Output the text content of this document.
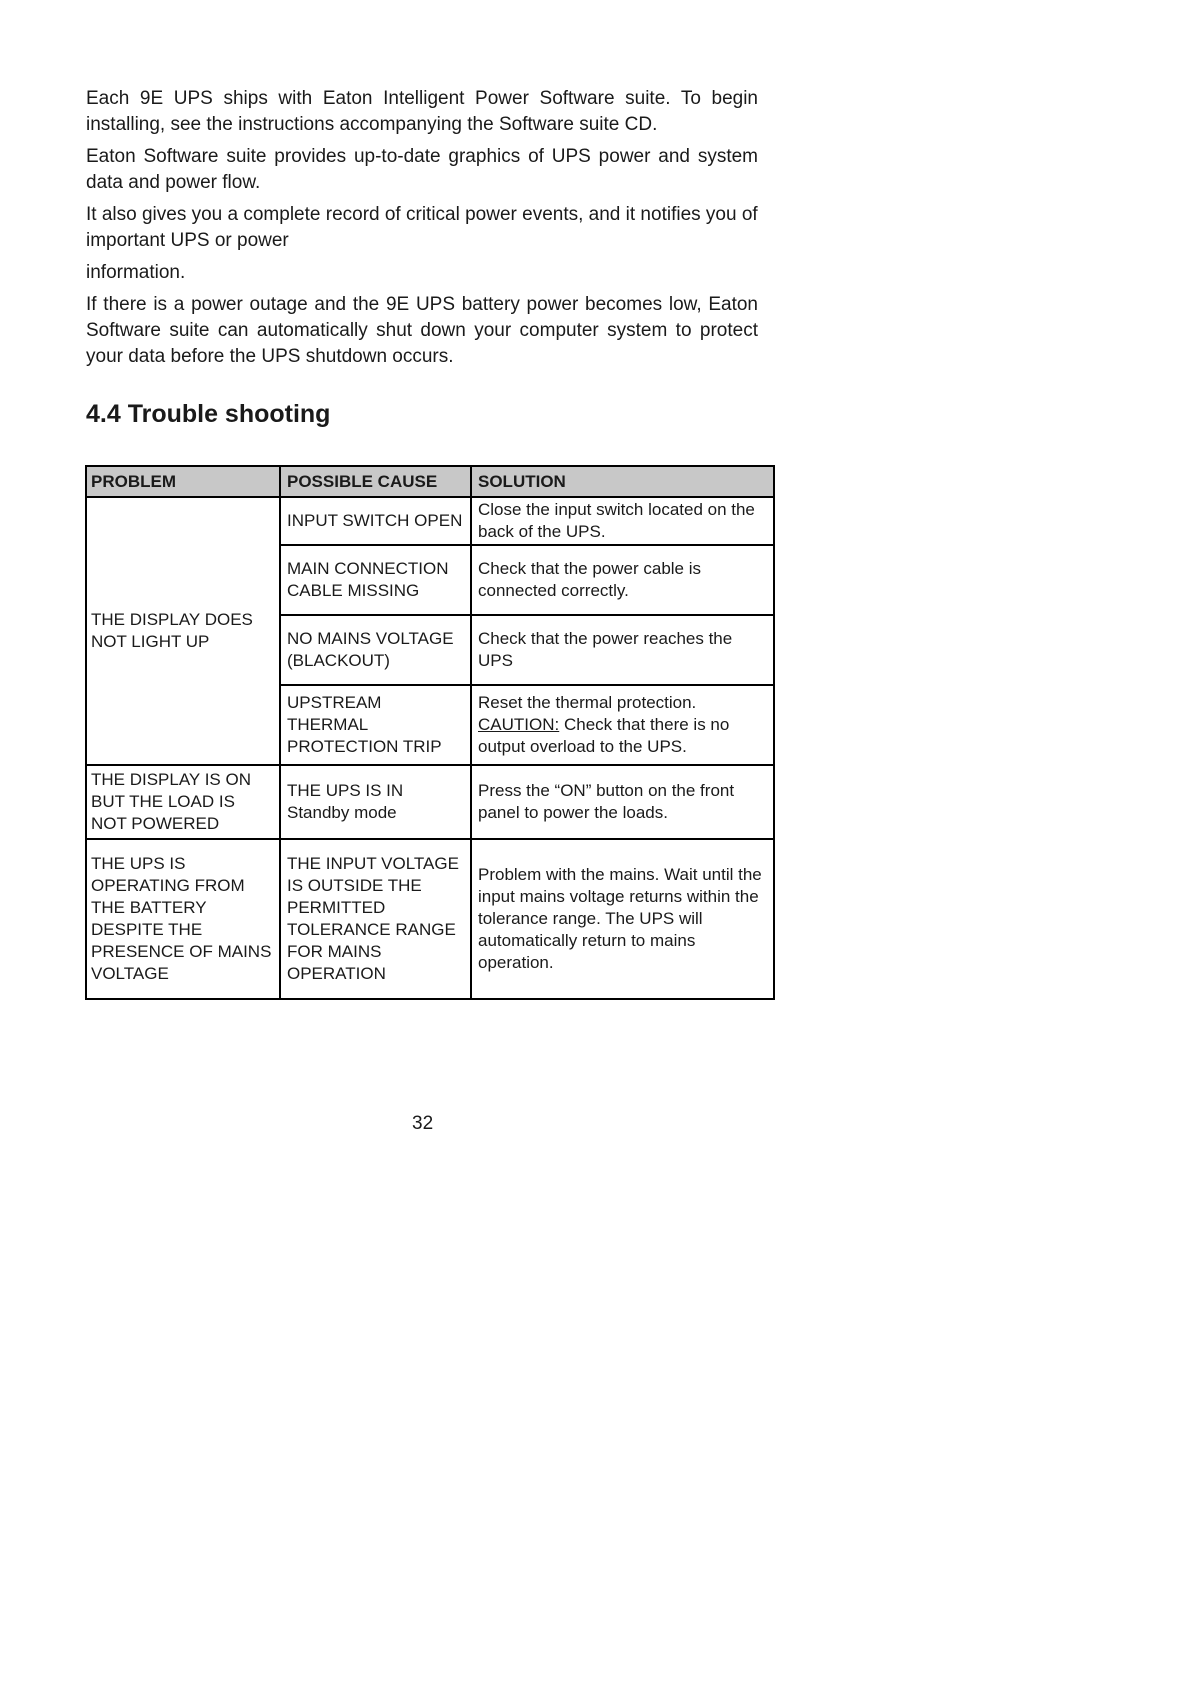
Each 9E UPS ships with Eaton Intelligent Power Software suite. To begin installing, see the instructions accompanying the Software suite CD.

Eaton Software suite provides up-to-date graphics of UPS power and system data and power flow.

It also gives you a complete record of critical power events, and it notifies you of important UPS or power

information.

If there is a power outage and the 9E UPS battery power becomes low, Eaton Software suite can automatically shut down your computer system to protect your data before the UPS shutdown occurs.

4.4 Trouble shooting
PROBLEM	POSSIBLE CAUSE	SOLUTION
THE DISPLAY DOES NOT LIGHT UP	INPUT SWITCH OPEN	Close the input switch located on the back of the UPS.
	MAIN CONNECTION CABLE MISSING	Check that the power cable is connected correctly.
	NO MAINS VOLTAGE (BLACKOUT)	Check that the power reaches the UPS
	UPSTREAM THERMAL PROTECTION TRIP	Reset the thermal protection.
CAUTION: Check that there is no output overload to the UPS.
THE DISPLAY IS ON BUT THE LOAD IS NOT POWERED	THE UPS IS IN Standby mode	Press the “ON” button on the front panel to power the loads.
THE UPS IS OPERATING FROM THE BATTERY DESPITE THE PRESENCE OF MAINS VOLTAGE	THE INPUT VOLTAGE IS OUTSIDE THE PERMITTED TOLERANCE RANGE FOR MAINS OPERATION	Problem with the mains. Wait until the input mains voltage returns within the tolerance range. The UPS will automatically return to mains operation.
32
